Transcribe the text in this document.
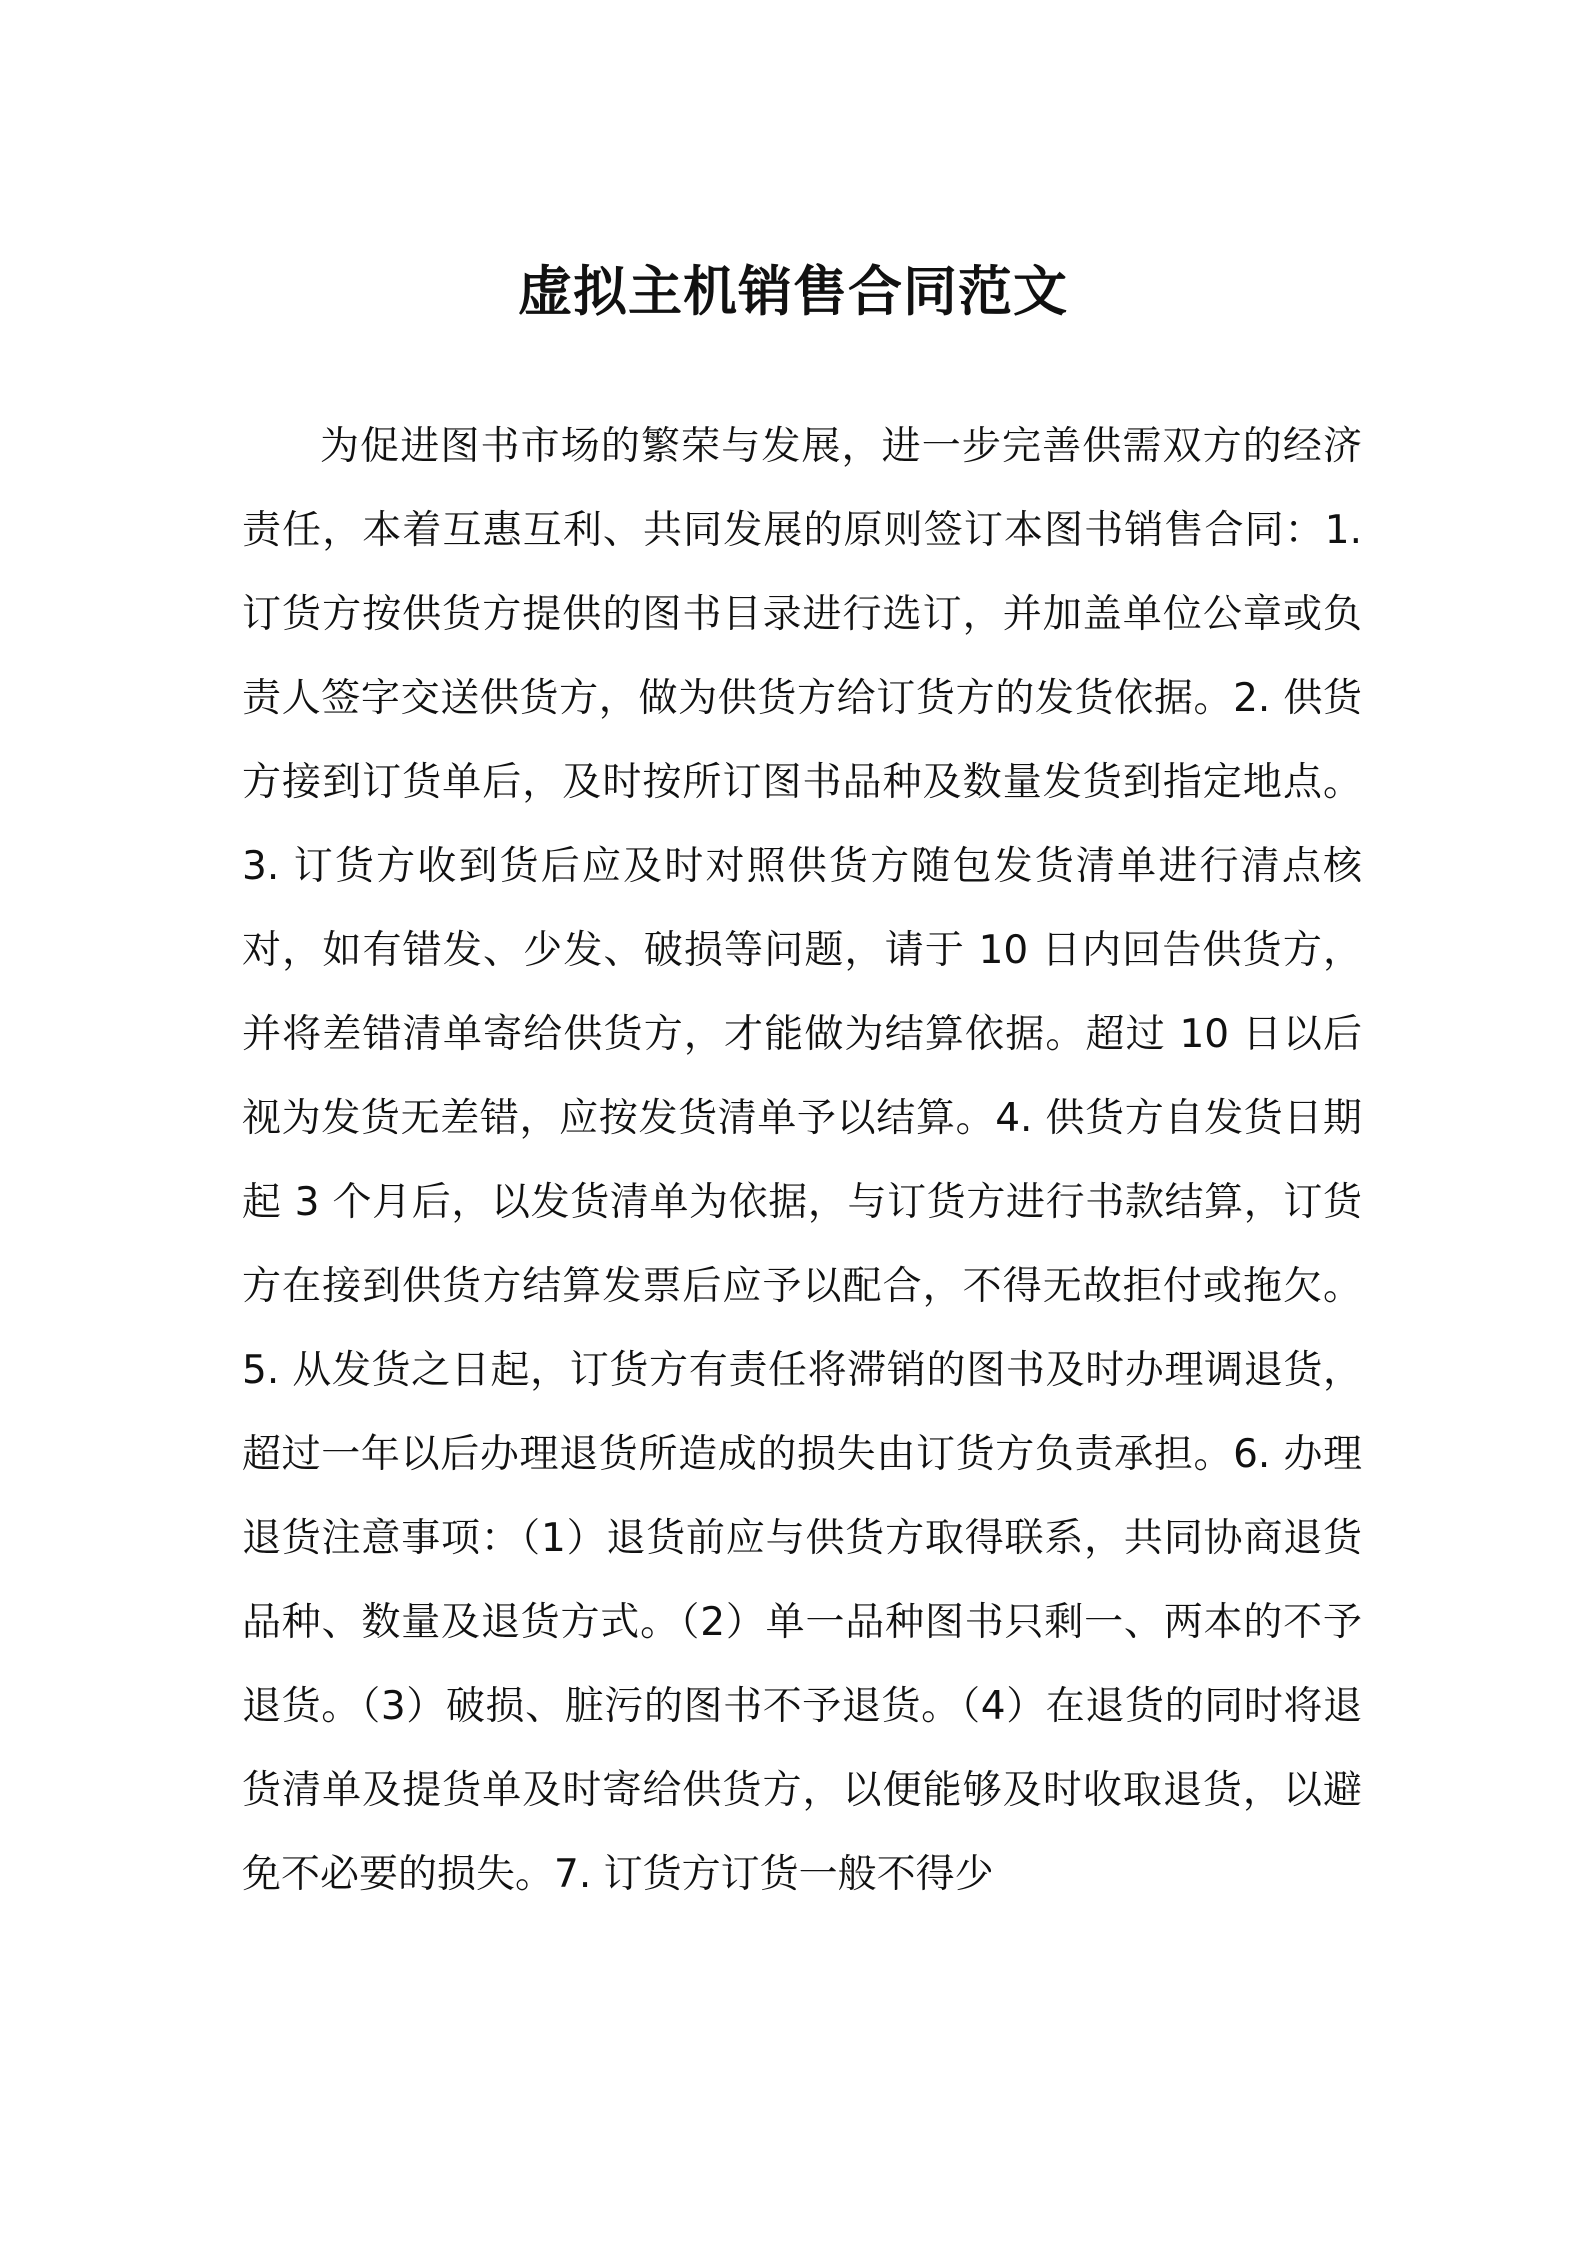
虚拟主机销售合同范文

为促进图书市场的繁荣与发展，进一步完善供需双方的经济责任，本着互惠互利、共同发展的原则签订本图书销售合同：1. 订货方按供货方提供的图书目录进行选订，并加盖单位公章或负责人签字交送供货方，做为供货方给订货方的发货依据。2. 供货方接到订货单后，及时按所订图书品种及数量发货到指定地点。3. 订货方收到货后应及时对照供货方随包发货清单进行清点核对，如有错发、少发、破损等问题，请于 10 日内回告供货方，并将差错清单寄给供货方，才能做为结算依据。超过 10 日以后视为发货无差错，应按发货清单予以结算。4. 供货方自发货日期起 3 个月后，以发货清单为依据，与订货方进行书款结算，订货方在接到供货方结算发票后应予以配合，不得无故拒付或拖欠。5. 从发货之日起，订货方有责任将滞销的图书及时办理调退货，超过一年以后办理退货所造成的损失由订货方负责承担。6. 办理退货注意事项：（1）退货前应与供货方取得联系，共同协商退货品种、数量及退货方式。（2）单一品种图书只剩一、两本的不予退货。（3）破损、脏污的图书不予退货。（4）在退货的同时将退货清单及提货单及时寄给供货方，以便能够及时收取退货，以避免不必要的损失。7. 订货方订货一般不得少
